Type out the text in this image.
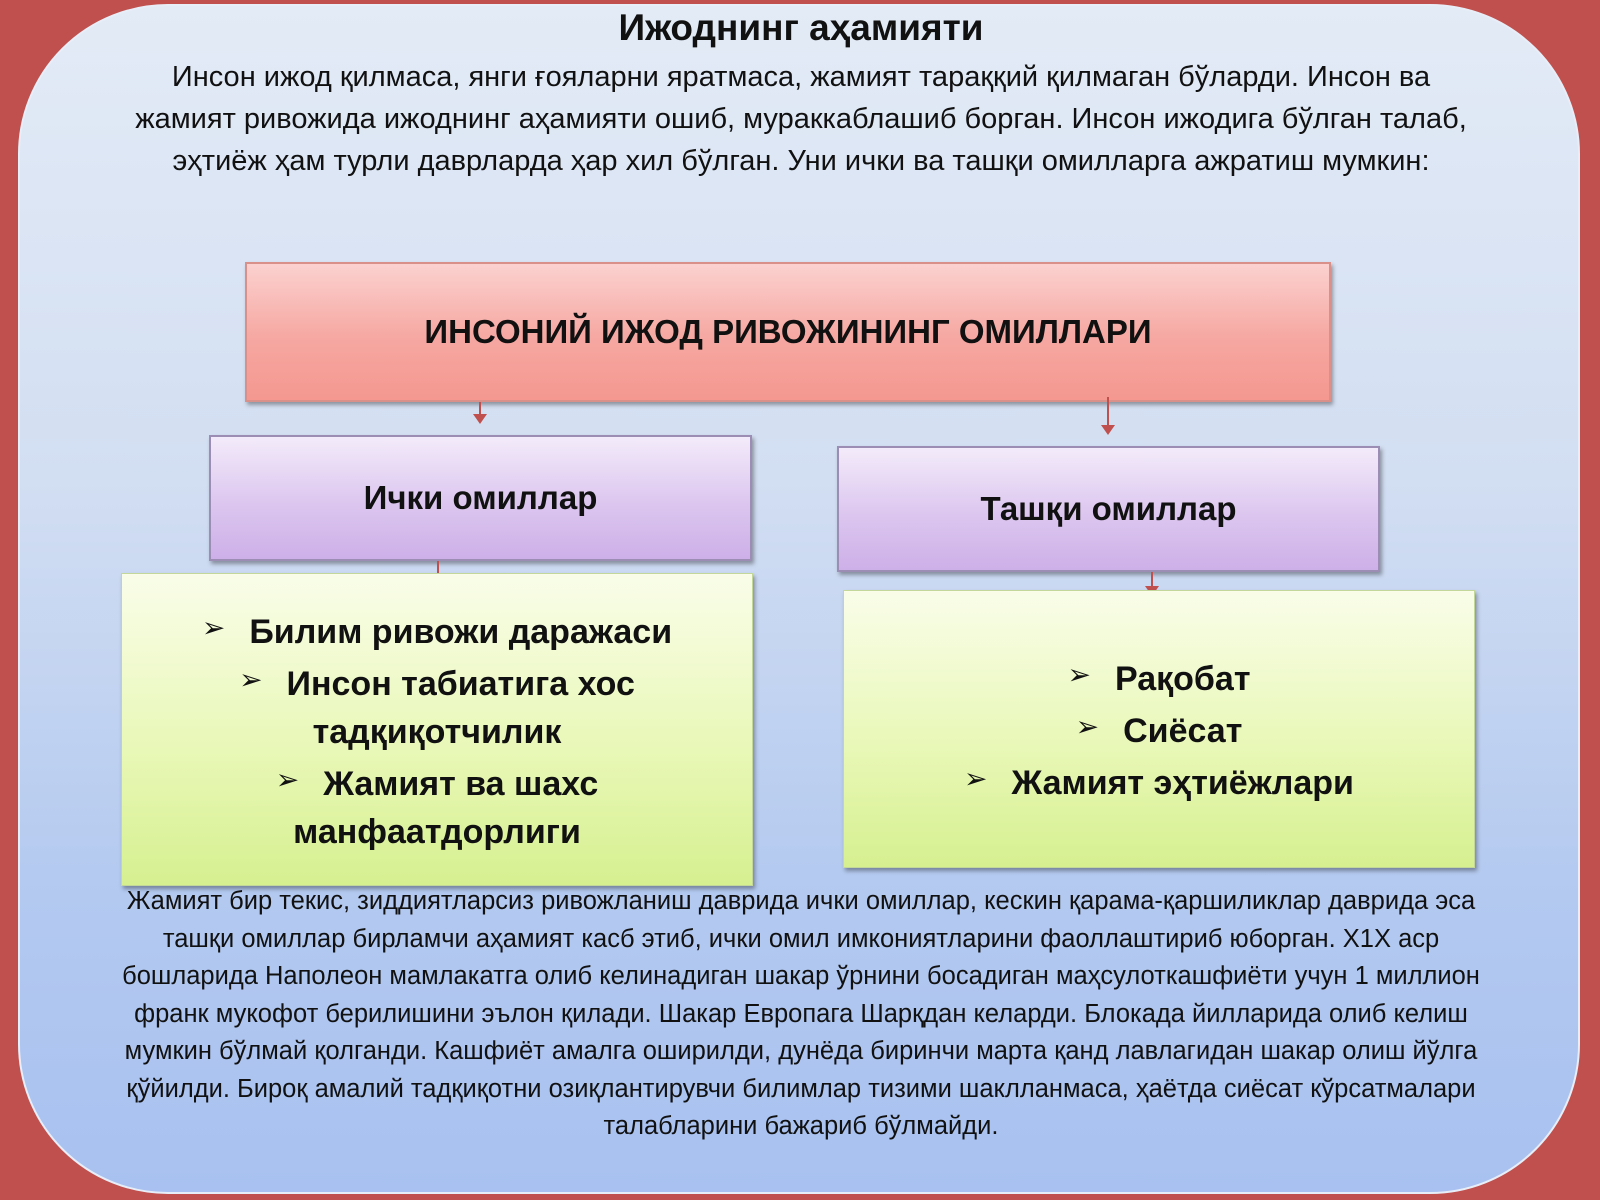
Ижоднинг аҳамияти
Инсон ижод қилмаса, янги ғояларни яратмаса, жамият тараққий қилмаган бўларди. Инсон ва жамият ривожида ижоднинг аҳамияти ошиб, мураккаблашиб борган. Инсон ижодига бўлган талаб, эҳтиёж ҳам турли даврларда ҳар хил бўлган. Уни ички ва ташқи омилларга ажратиш мумкин:
ИНСОНИЙ ИЖОД РИВОЖИНИНГ ОМИЛЛАРИ
Ички омиллар	Ташқи омиллар
➢ Билим ривожи даражаси
➢ Инсон табиатига хос тадқиқотчилик
➢ Жамият ва шахс манфаатдорлиги
➢ Рақобат
➢ Сиёсат
➢ Жамият эҳтиёжлари
Жамият бир текис, зиддиятларсиз ривожланиш даврида ички омиллар, кескин қарама-қаршиликлар даврида эса ташқи омиллар бирламчи аҳамият касб этиб, ички омил имкониятларини фаоллаштириб юборган. Х1Х аср бошларида Наполеон мамлакатга олиб келинадиган шакар ўрнини босадиган маҳсулоткашфиёти учун 1 миллион франк мукофот берилишини эълон қилади. Шакар Европага Шарқдан келарди. Блокада йилларида олиб келиш мумкин бўлмай қолганди. Кашфиёт амалга оширилди, дунёда биринчи марта қанд лавлагидан шакар олиш йўлга қўйилди. Бироқ амалий тадқиқотни озиқлантирувчи билимлар тизими шаклланмаса, ҳаётда сиёсат кўрсатмалари талабларини бажариб бўлмайди.
